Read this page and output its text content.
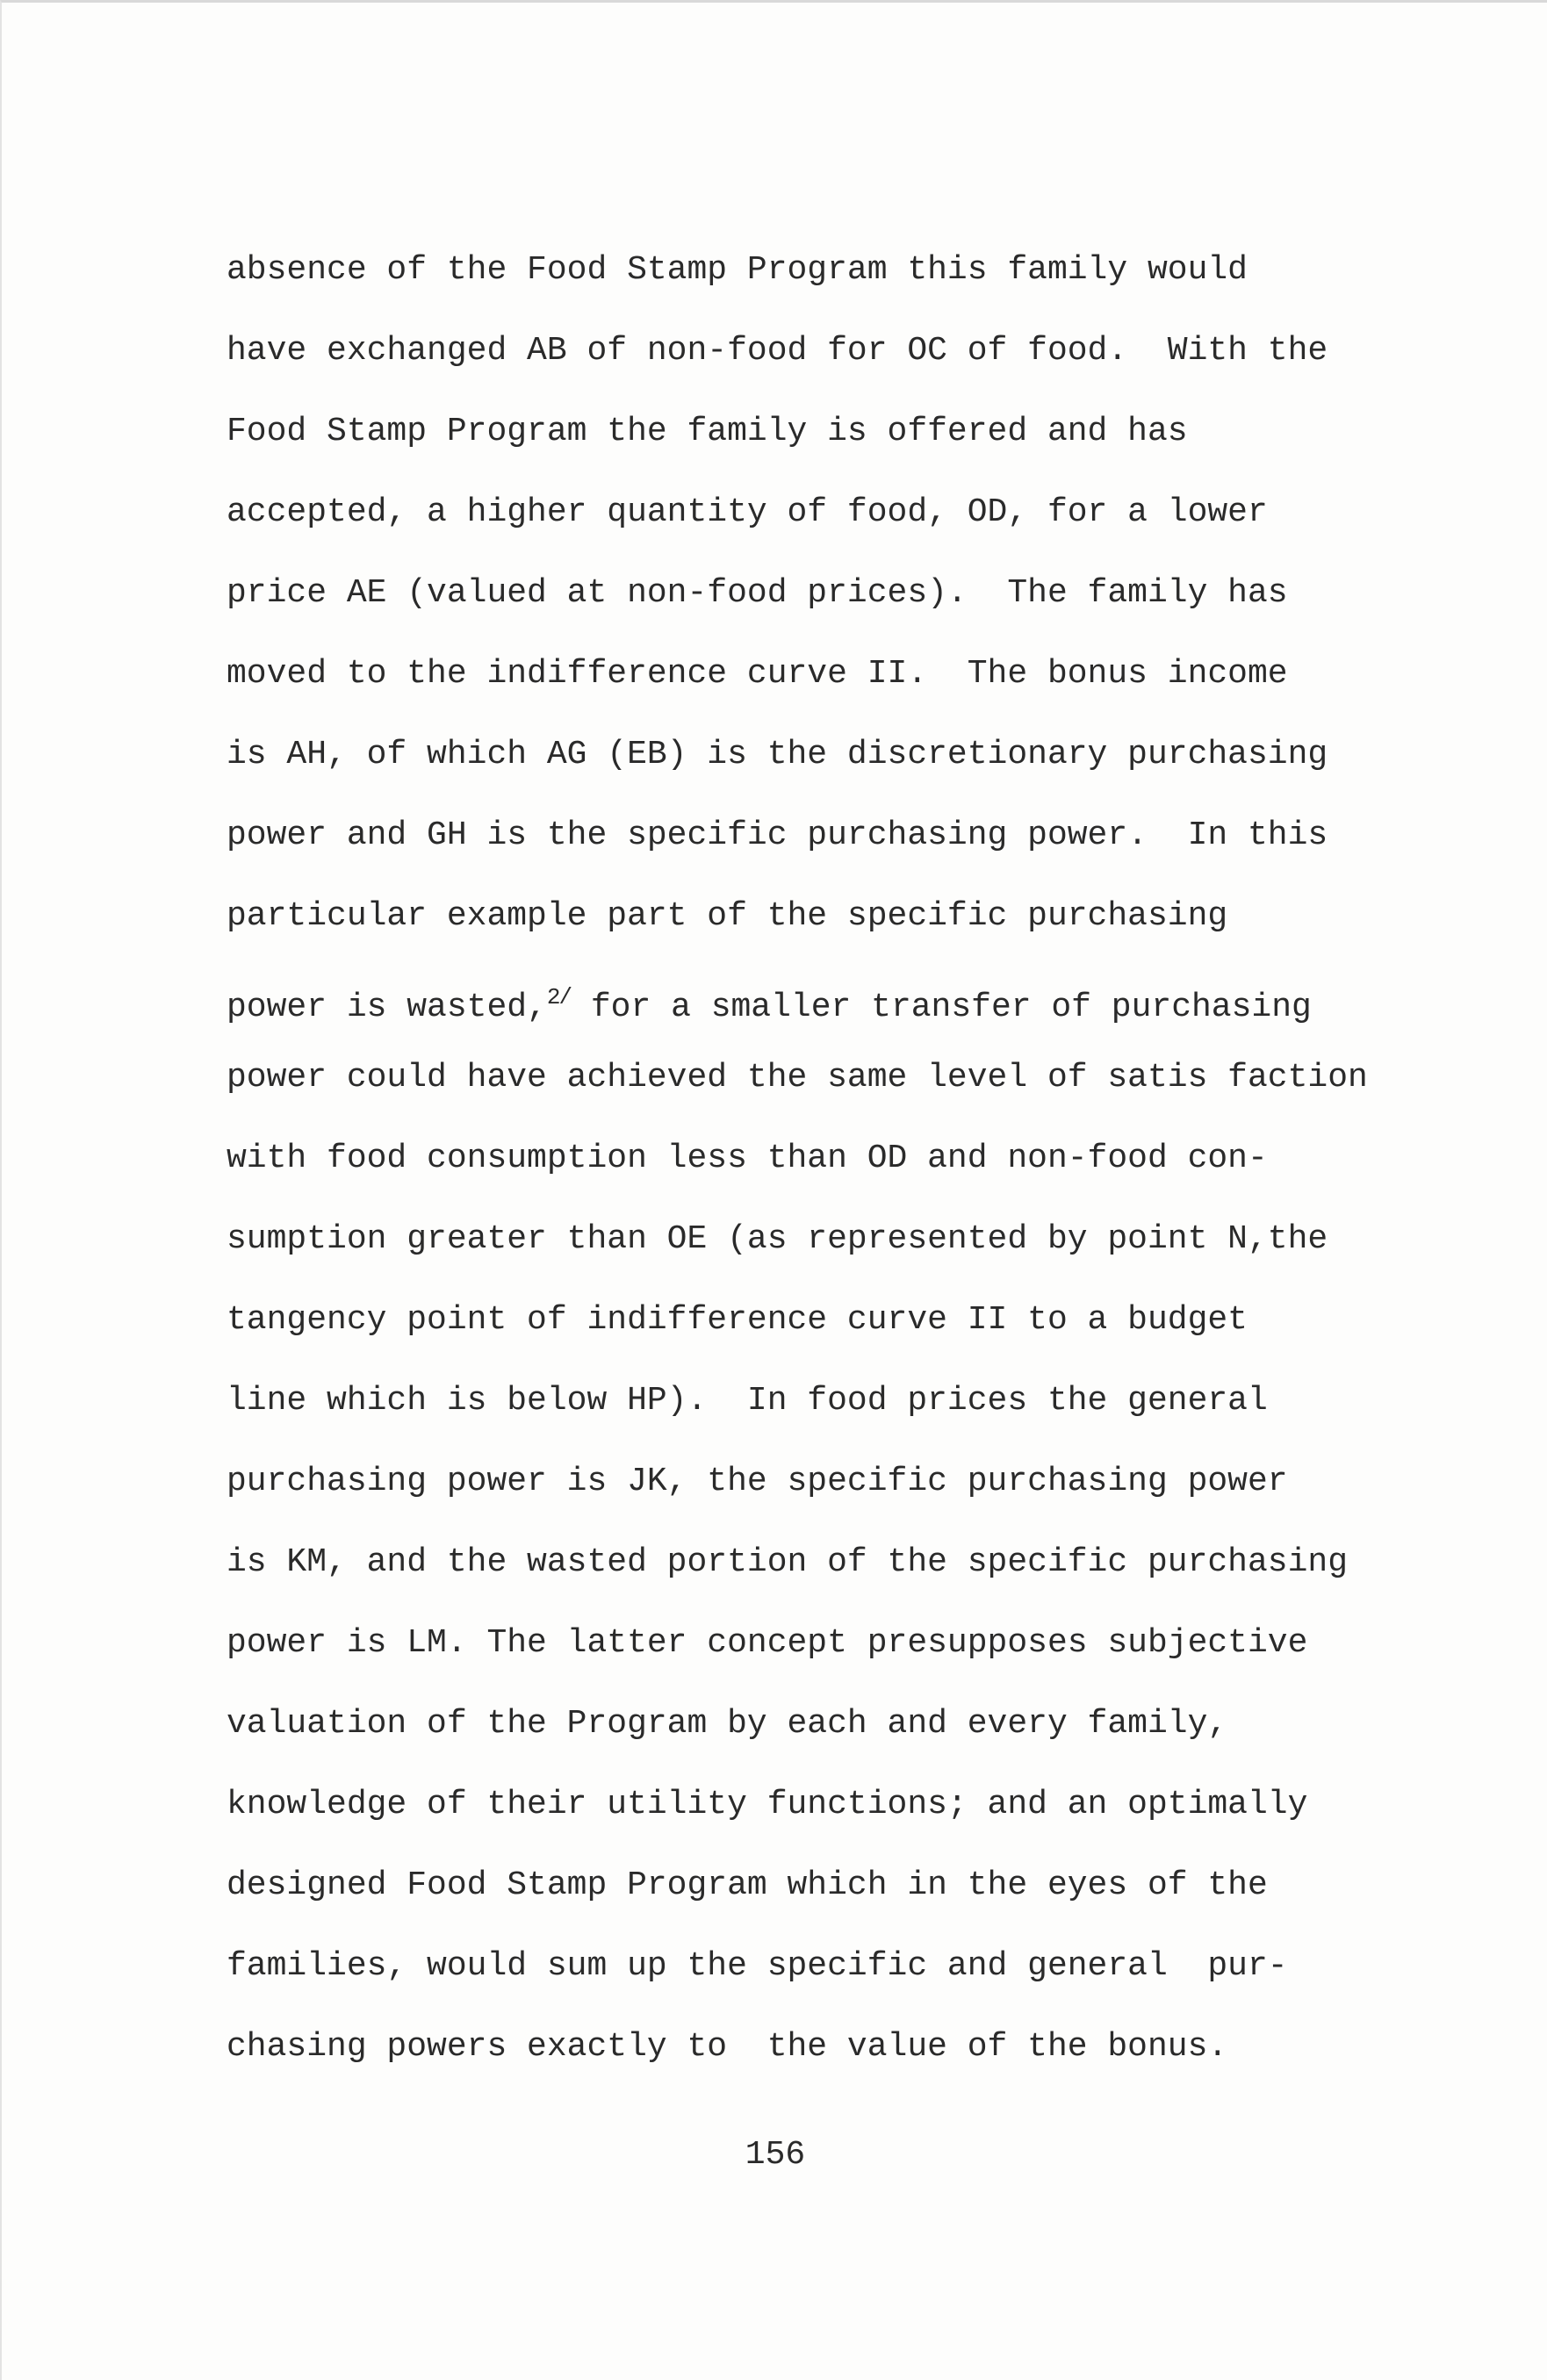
absence of the Food Stamp Program this family would
have exchanged AB of non-food for OC of food.  With the
Food Stamp Program the family is offered and has
accepted, a higher quantity of food, OD, for a lower
price AE (valued at non-food prices).  The family has
moved to the indifference curve II.  The bonus income
is AH, of which AG (EB) is the discretionary purchasing
power and GH is the specific purchasing power.  In this
particular example part of the specific purchasing
power is wasted,$^{2/}$ for a smaller transfer of purchasing
power could have achieved the same level of satis faction
with food consumption less than OD and non-food con-
sumption greater than OE (as represented by point N,the
tangency point of indifference curve II to a budget
line which is below HP).  In food prices the general
purchasing power is JK, the specific purchasing power
is KM, and the wasted portion of the specific purchasing
power is LM. The latter concept presupposes subjective
valuation of the Program by each and every family,
knowledge of their utility functions; and an optimally
designed Food Stamp Program which in the eyes of the
families, would sum up the specific and general  pur-
chasing powers exactly to  the value of the bonus.
156
